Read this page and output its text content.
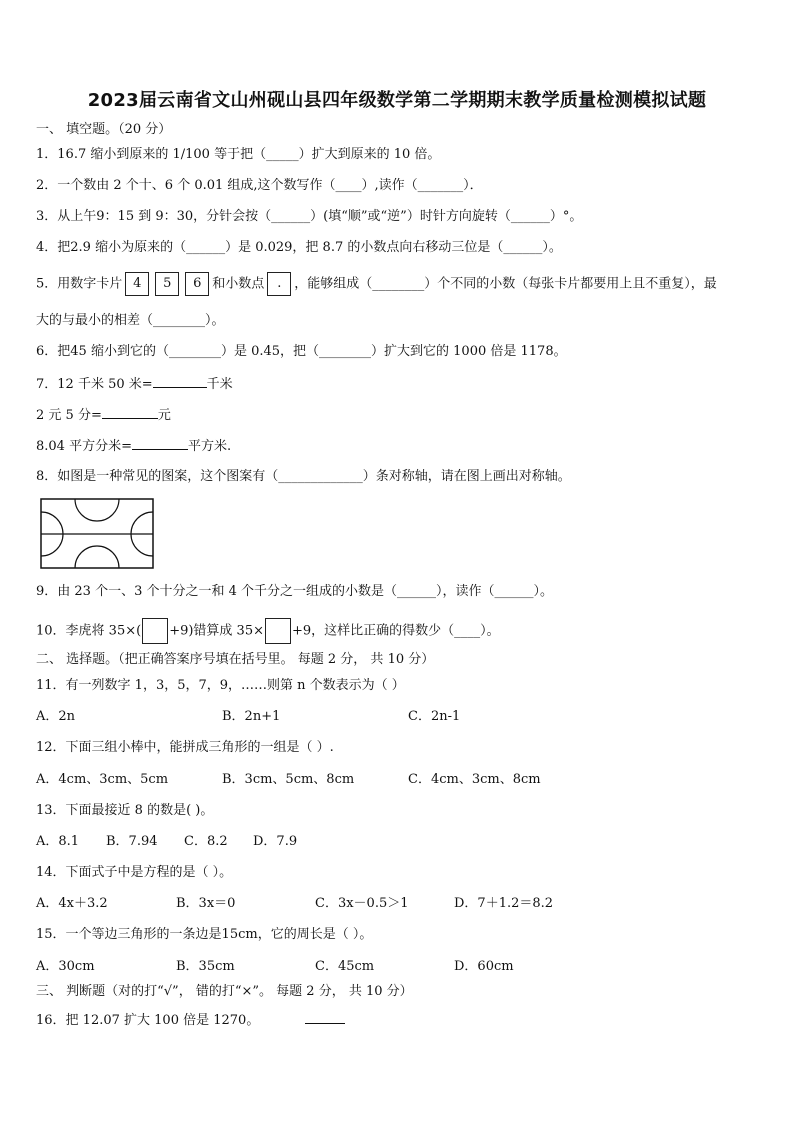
2023届云南省文山州砚山县四年级数学第二学期期末教学质量检测模拟试题
一、 填空题。（20 分）
1．16.7 缩小到原来的 1/100 等于把（_____）扩大到原来的 10 倍。
2．一个数由 2 个十、6 个 0.01 组成,这个数写作（____）,读作（_______）．
3．从上午9：15 到 9：30，分针会按（______）(填“顺”或“逆”）时针方向旋转（______）°。
4．把2.9 缩小为原来的（______）是 0.029，把 8.7 的小数点向右移动三位是（______）。
5．用数字卡片 4 5 6 和小数点 . ，能够组成（________）个不同的小数（每张卡片都要用上且不重复），最
大的与最小的相差（________）。
6．把45 缩小到它的（________）是 0.45，把（________）扩大到它的 1000 倍是 1178。
7．12 千米 50 米=	千米
2 元 5 分=	元
8.04 平方分米=	平方米.
8．如图是一种常见的图案，这个图案有（_____________）条对称轴，请在图上画出对称轴。
9．由 23 个一、3 个十分之一和 4 个千分之一组成的小数是（______），读作（______）。
10．李虎将 35×( +9)错算成 35× +9，这样比正确的得数少（____）。
二、 选择题。（把正确答案序号填在括号里。 每题 2 分， 共 10 分）
11．有一列数字 1，3，5，7，9，……则第 n 个数表示为（ ）
A．2n	B．2n+1	C．2n-1
12．下面三组小棒中，能拼成三角形的一组是（ ）.
A．4cm、3cm、5cm	B．3cm、5cm、8cm	C．4cm、3cm、8cm
13．下面最接近 8 的数是( )。
A．8.1 B．7.94 C．8.2 D．7.9
14．下面式子中是方程的是（ ）。
A．4x＋3.2	B．3x＝0	C．3x－0.5＞1	D．7＋1.2＝8.2
15．一个等边三角形的一条边是15cm，它的周长是（ ）。
A．30cm	B．35cm	C．45cm	D．60cm
三、 判断题（对的打“√”， 错的打“×”。 每题 2 分， 共 10 分）
16．把 12.07 扩大 100 倍是 1270。
